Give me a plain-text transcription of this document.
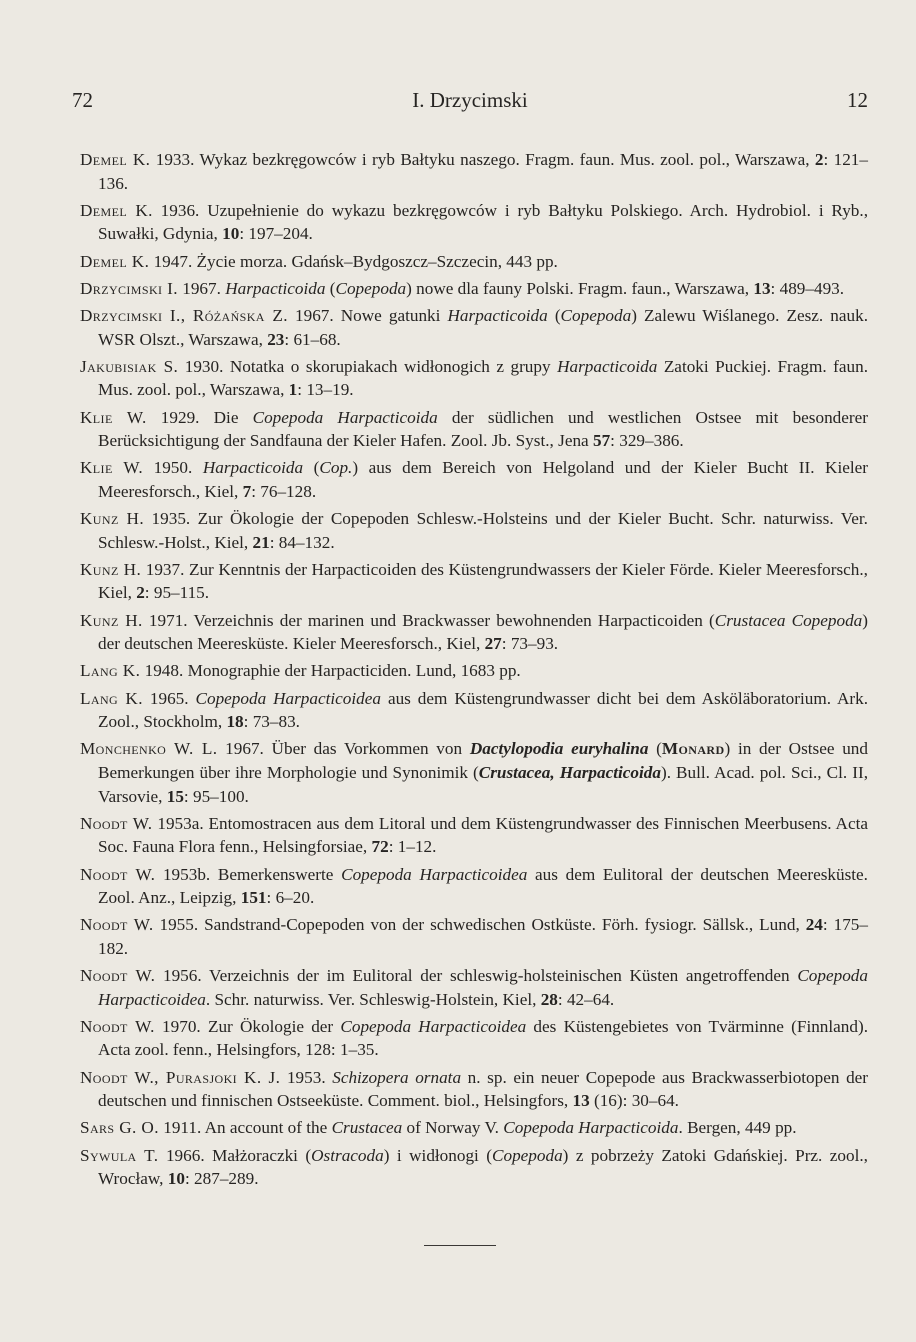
72	I. Drzycimski	12

Demel K. 1933. Wykaz bezkręgowców i ryb Bałtyku naszego. Fragm. faun. Mus. zool. pol., Warszawa, 2: 121–136.

Demel K. 1936. Uzupełnienie do wykazu bezkręgowców i ryb Bałtyku Polskiego. Arch. Hydrobiol. i Ryb., Suwałki, Gdynia, 10: 197–204.

Demel K. 1947. Życie morza. Gdańsk–Bydgoszcz–Szczecin, 443 pp.

Drzycimski I. 1967. Harpacticoida (Copepoda) nowe dla fauny Polski. Fragm. faun., Warszawa, 13: 489–493.

Drzycimski I., Różańska Z. 1967. Nowe gatunki Harpacticoida (Copepoda) Zalewu Wiślanego. Zesz. nauk. WSR Olszt., Warszawa, 23: 61–68.

Jakubisiak S. 1930. Notatka o skorupiakach widłonogich z grupy Harpacticoida Zatoki Puckiej. Fragm. faun. Mus. zool. pol., Warszawa, 1: 13–19.

Klie W. 1929. Die Copepoda Harpacticoida der südlichen und westlichen Ostsee mit besonderer Berücksichtigung der Sandfauna der Kieler Hafen. Zool. Jb. Syst., Jena 57: 329–386.

Klie W. 1950. Harpacticoida (Cop.) aus dem Bereich von Helgoland und der Kieler Bucht II. Kieler Meeresforsch., Kiel, 7: 76–128.

Kunz H. 1935. Zur Ökologie der Copepoden Schlesw.-Holsteins und der Kieler Bucht. Schr. naturwiss. Ver. Schlesw.-Holst., Kiel, 21: 84–132.

Kunz H. 1937. Zur Kenntnis der Harpacticoiden des Küstengrundwassers der Kieler Förde. Kieler Meeresforsch., Kiel, 2: 95–115.

Kunz H. 1971. Verzeichnis der marinen und Brackwasser bewohnenden Harpacticoiden (Crustacea Copepoda) der deutschen Meeresküste. Kieler Meeresforsch., Kiel, 27: 73–93.

Lang K. 1948. Monographie der Harpacticiden. Lund, 1683 pp.

Lang K. 1965. Copepoda Harpacticoidea aus dem Küstengrundwasser dicht bei dem Asköläboratorium. Ark. Zool., Stockholm, 18: 73–83.

Monchenko W. L. 1967. Über das Vorkommen von Dactylopodia euryhalina (Monard) in der Ostsee und Bemerkungen über ihre Morphologie und Synonimik (Crustacea, Harpacticoida). Bull. Acad. pol. Sci., Cl. II, Varsovie, 15: 95–100.

Noodt W. 1953a. Entomostracen aus dem Litoral und dem Küstengrundwasser des Finnischen Meerbusens. Acta Soc. Fauna Flora fenn., Helsingforsiae, 72: 1–12.

Noodt W. 1953b. Bemerkenswerte Copepoda Harpacticoidea aus dem Eulitoral der deutschen Meeresküste. Zool. Anz., Leipzig, 151: 6–20.

Noodt W. 1955. Sandstrand-Copepoden von der schwedischen Ostküste. Förh. fysiogr. Sällsk., Lund, 24: 175–182.

Noodt W. 1956. Verzeichnis der im Eulitoral der schleswig-holsteinischen Küsten angetroffenden Copepoda Harpacticoidea. Schr. naturwiss. Ver. Schleswig-Holstein, Kiel, 28: 42–64.

Noodt W. 1970. Zur Ökologie der Copepoda Harpacticoidea des Küstengebietes von Tvärminne (Finnland). Acta zool. fenn., Helsingfors, 128: 1–35.

Noodt W., Purasjoki K. J. 1953. Schizopera ornata n. sp. ein neuer Copepode aus Brackwasserbiotopen der deutschen und finnischen Ostseeküste. Comment. biol., Helsingfors, 13 (16): 30–64.

Sars G. O. 1911. An account of the Crustacea of Norway V. Copepoda Harpacticoida. Bergen, 449 pp.

Sywula T. 1966. Małżoraczki (Ostracoda) i widłonogi (Copepoda) z pobrzeży Zatoki Gdańskiej. Prz. zool., Wrocław, 10: 287–289.
